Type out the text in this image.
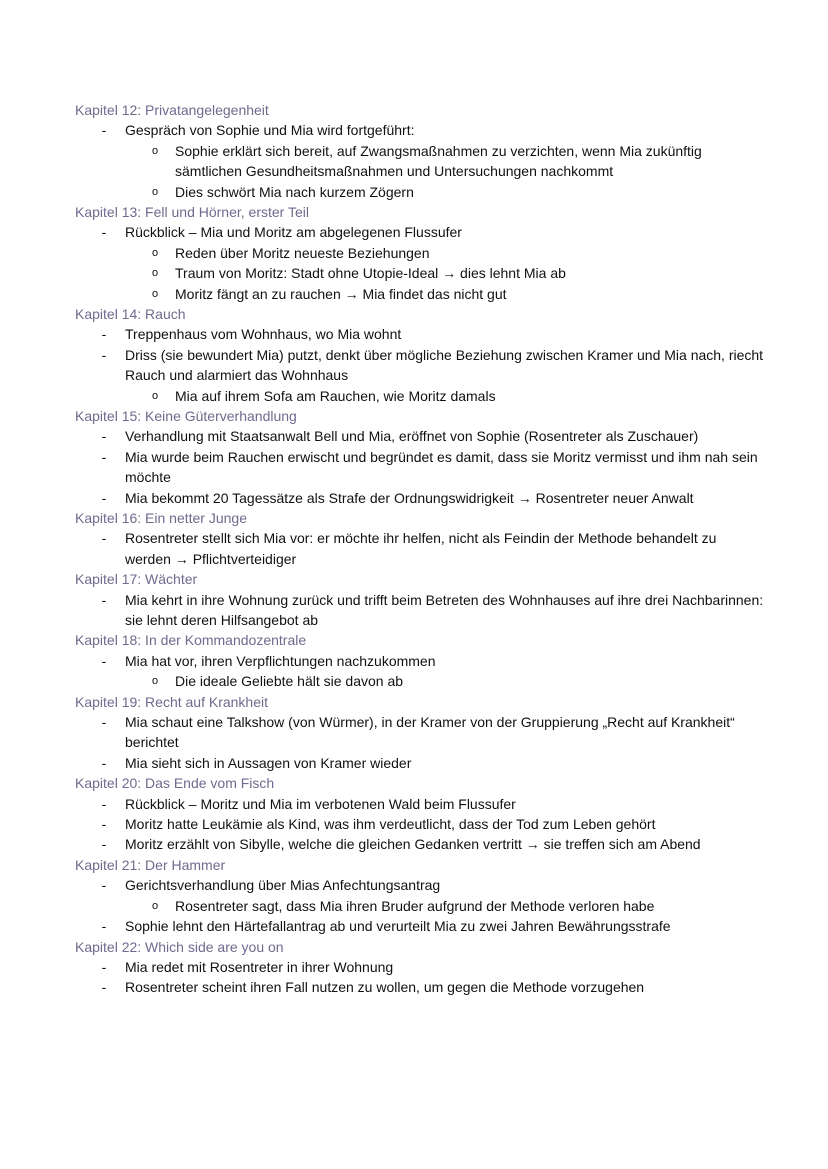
Kapitel 12: Privatangelegenheit
- Gespräch von Sophie und Mia wird fortgeführt:
o Sophie erklärt sich bereit, auf Zwangsmaßnahmen zu verzichten, wenn Mia zukünftig sämtlichen Gesundheitsmaßnahmen und Untersuchungen nachkommt
o Dies schwört Mia nach kurzem Zögern
Kapitel 13: Fell und Hörner, erster Teil
- Rückblick – Mia und Moritz am abgelegenen Flussufer
o Reden über Moritz neueste Beziehungen
o Traum von Moritz: Stadt ohne Utopie-Ideal → dies lehnt Mia ab
o Moritz fängt an zu rauchen → Mia findet das nicht gut
Kapitel 14: Rauch
- Treppenhaus vom Wohnhaus, wo Mia wohnt
- Driss (sie bewundert Mia) putzt, denkt über mögliche Beziehung zwischen Kramer und Mia nach, riecht Rauch und alarmiert das Wohnhaus
o Mia auf ihrem Sofa am Rauchen, wie Moritz damals
Kapitel 15: Keine Güterverhandlung
- Verhandlung mit Staatsanwalt Bell und Mia, eröffnet von Sophie (Rosentreter als Zuschauer)
- Mia wurde beim Rauchen erwischt und begründet es damit, dass sie Moritz vermisst und ihm nah sein möchte
- Mia bekommt 20 Tagessätze als Strafe der Ordnungswidrigkeit → Rosentreter neuer Anwalt
Kapitel 16: Ein netter Junge
- Rosentreter stellt sich Mia vor: er möchte ihr helfen, nicht als Feindin der Methode behandelt zu werden → Pflichtverteidiger
Kapitel 17: Wächter
- Mia kehrt in ihre Wohnung zurück und trifft beim Betreten des Wohnhauses auf ihre drei Nachbarinnen: sie lehnt deren Hilfsangebot ab
Kapitel 18: In der Kommandozentrale
- Mia hat vor, ihren Verpflichtungen nachzukommen
o Die ideale Geliebte hält sie davon ab
Kapitel 19: Recht auf Krankheit
- Mia schaut eine Talkshow (von Würmer), in der Kramer von der Gruppierung „Recht auf Krankheit“ berichtet
- Mia sieht sich in Aussagen von Kramer wieder
Kapitel 20: Das Ende vom Fisch
- Rückblick – Moritz und Mia im verbotenen Wald beim Flussufer
- Moritz hatte Leukämie als Kind, was ihm verdeutlicht, dass der Tod zum Leben gehört
- Moritz erzählt von Sibylle, welche die gleichen Gedanken vertritt → sie treffen sich am Abend
Kapitel 21: Der Hammer
- Gerichtsverhandlung über Mias Anfechtungsantrag
o Rosentreter sagt, dass Mia ihren Bruder aufgrund der Methode verloren habe
- Sophie lehnt den Härtefallantrag ab und verurteilt Mia zu zwei Jahren Bewährungsstrafe
Kapitel 22: Which side are you on
- Mia redet mit Rosentreter in ihrer Wohnung
- Rosentreter scheint ihren Fall nutzen zu wollen, um gegen die Methode vorzugehen
